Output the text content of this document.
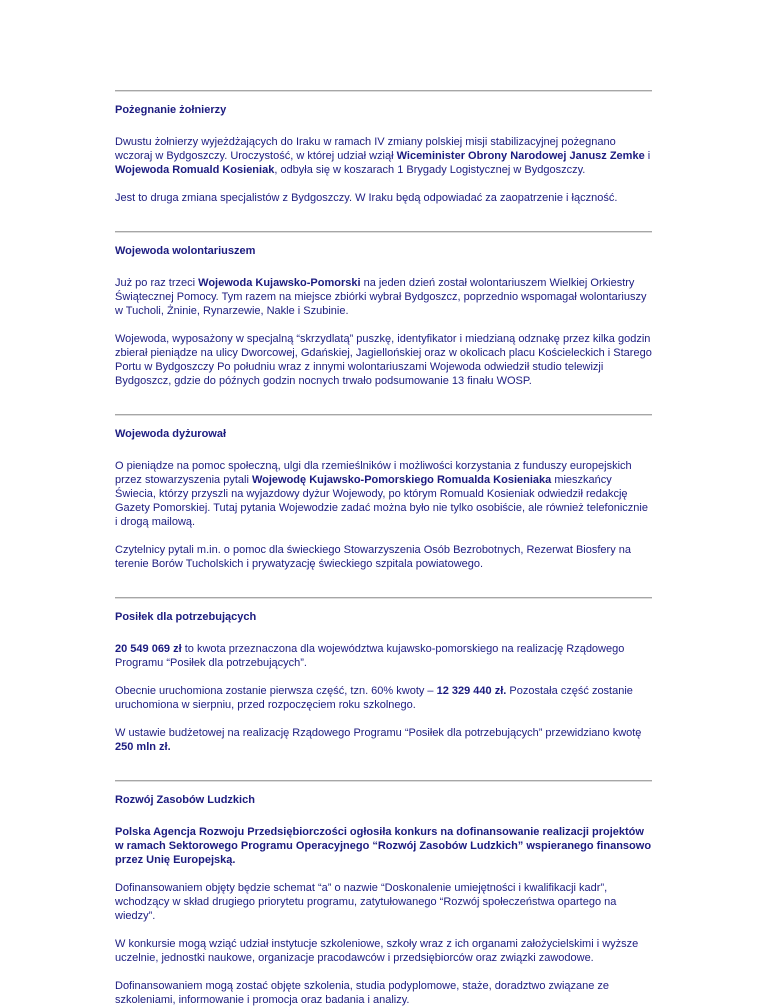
Pożegnanie żołnierzy

Dwustu żołnierzy wyjeżdżających do Iraku w ramach IV zmiany polskiej misji stabilizacyjnej pożegnano wczoraj w Bydgoszczy. Uroczystość, w której udział wziął Wiceminister Obrony Narodowej Janusz Zemke i Wojewoda Romuald Kosieniak, odbyła się w koszarach 1 Brygady Logistycznej w Bydgoszczy.

Jest to druga zmiana specjalistów z Bydgoszczy. W Iraku będą odpowiadać za zaopatrzenie i łączność.

Wojewoda wolontariuszem

Już po raz trzeci Wojewoda Kujawsko-Pomorski na jeden dzień został wolontariuszem Wielkiej Orkiestry Świątecznej Pomocy. Tym razem na miejsce zbiórki wybrał Bydgoszcz, poprzednio wspomagał wolontariuszy w Tucholi, Żninie, Rynarzewie, Nakle i Szubinie.

Wojewoda, wyposażony w specjalną “skrzydlatą” puszkę, identyfikator i miedzianą odznakę przez kilka godzin zbierał pieniądze na ulicy Dworcowej, Gdańskiej, Jagiellońskiej oraz w okolicach placu Kościeleckich i Starego Portu w Bydgoszczy Po południu wraz z innymi wolontariuszami Wojewoda odwiedził studio telewizji Bydgoszcz, gdzie do późnych godzin nocnych trwało podsumowanie 13 finału WOSP.

Wojewoda dyżurował

O pieniądze na pomoc społeczną, ulgi dla rzemieślników i możliwości korzystania z funduszy europejskich przez stowarzyszenia pytali Wojewodę Kujawsko-Pomorskiego Romualda Kosieniaka mieszkańcy Świecia, którzy przyszli na wyjazdowy dyżur Wojewody, po którym Romuald Kosieniak odwiedził redakcję Gazety Pomorskiej. Tutaj pytania Wojewodzie zadać można było nie tylko osobiście, ale również telefonicznie i drogą mailową.

Czytelnicy pytali m.in. o pomoc dla świeckiego Stowarzyszenia Osób Bezrobotnych, Rezerwat Biosfery na terenie Borów Tucholskich i prywatyzację świeckiego szpitala powiatowego.

Posiłek dla potrzebujących

20 549 069 zł to kwota przeznaczona dla województwa kujawsko-pomorskiego na realizację Rządowego Programu “Posiłek dla potrzebujących”.

Obecnie uruchomiona zostanie pierwsza część, tzn. 60% kwoty – 12 329 440 zł. Pozostała część zostanie uruchomiona w sierpniu, przed rozpoczęciem roku szkolnego.

W ustawie budżetowej na realizację Rządowego Programu “Posiłek dla potrzebujących” przewidziano kwotę 250 mln zł.

Rozwój Zasobów Ludzkich

Polska Agencja Rozwoju Przedsiębiorczości ogłosiła konkurs na dofinansowanie realizacji projektów w ramach Sektorowego Programu Operacyjnego “Rozwój Zasobów Ludzkich” wspieranego finansowo przez Unię Europejską.

Dofinansowaniem objęty będzie schemat “a” o nazwie “Doskonalenie umiejętności i kwalifikacji kadr”, wchodzący w skład drugiego priorytetu programu, zatytułowanego “Rozwój społeczeństwa opartego na wiedzy”.

W konkursie mogą wziąć udział instytucje szkoleniowe, szkoły wraz z ich organami założycielskimi i wyższe uczelnie, jednostki naukowe, organizacje pracodawców i przedsiębiorców oraz związki zawodowe.

Dofinansowaniem mogą zostać objęte szkolenia, studia podyplomowe, staże, doradztwo związane ze szkoleniami, informowanie i promocja oraz badania i analizy.
